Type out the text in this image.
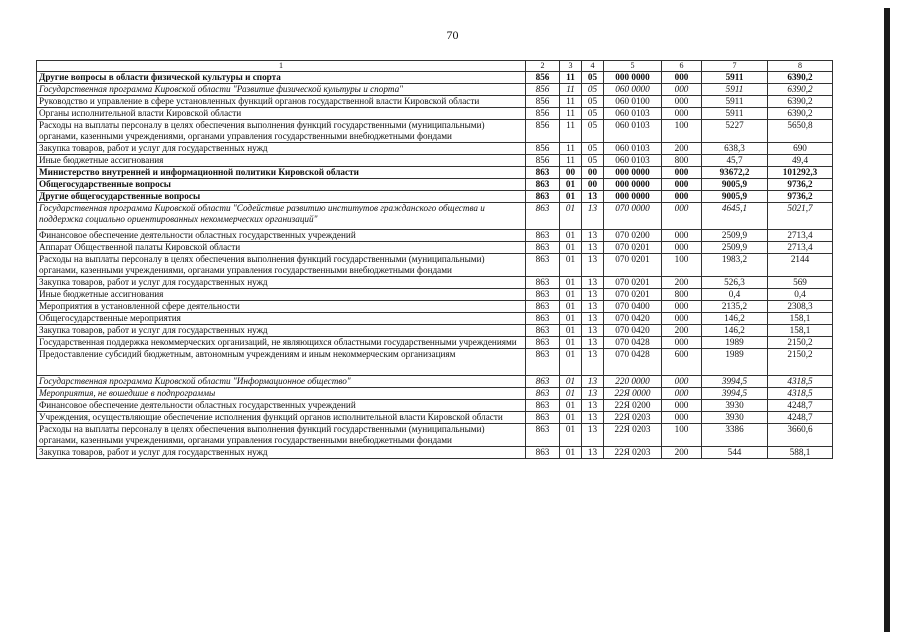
70
1	2	3	4	5	6	7	8
Другие вопросы в области физической культуры и спорта	856	11	05	000 0000	000	5911	6390,2
Государственная программа Кировской области "Развитие физической культуры и спорта"	856	11	05	060 0000	000	5911	6390,2
Руководство и управление в сфере установленных функций органов государственной власти Кировской области	856	11	05	060 0100	000	5911	6390,2
Органы исполнительной власти Кировской области	856	11	05	060 0103	000	5911	6390,2
Расходы на выплаты персоналу в целях обеспечения выполнения функций государственными (муниципальными) органами, казенными учреждениями, органами управления государственными внебюджетными фондами	856	11	05	060 0103	100	5227	5650,8
Закупка товаров, работ и услуг для государственных нужд	856	11	05	060 0103	200	638,3	690
Иные бюджетные ассигнования	856	11	05	060 0103	800	45,7	49,4
Министерство внутренней и информационной политики Кировской области	863	00	00	000 0000	000	93672,2	101292,3
Общегосударственные вопросы	863	01	00	000 0000	000	9005,9	9736,2
Другие общегосударственные вопросы	863	01	13	000 0000	000	9005,9	9736,2
Государственная программа Кировской области "Содействие развитию институтов гражданского общества и поддержка социально ориентированных некоммерческих организаций"	863	01	13	070 0000	000	4645,1	5021,7
Финансовое обеспечение деятельности областных государственных учреждений	863	01	13	070 0200	000	2509,9	2713,4
Аппарат Общественной палаты Кировской области	863	01	13	070 0201	000	2509,9	2713,4
Расходы на выплаты персоналу в целях обеспечения выполнения функций государственными (муниципальными) органами, казенными учреждениями, органами управления государственными внебюджетными фондами	863	01	13	070 0201	100	1983,2	2144
Закупка товаров, работ и услуг для государственных нужд	863	01	13	070 0201	200	526,3	569
Иные бюджетные ассигнования	863	01	13	070 0201	800	0,4	0,4
Мероприятия в установленной сфере деятельности	863	01	13	070 0400	000	2135,2	2308,3
Общегосударственные мероприятия	863	01	13	070 0420	000	146,2	158,1
Закупка товаров, работ и услуг для государственных нужд	863	01	13	070 0420	200	146,2	158,1
Государственная поддержка некоммерческих организаций, не являющихся областными государственными учреждениями	863	01	13	070 0428	000	1989	2150,2
Предоставление субсидий бюджетным, автономным учреждениям и иным некоммерческим организациям	863	01	13	070 0428	600	1989	2150,2
Государственная программа Кировской области "Информационное общество"	863	01	13	220 0000	000	3994,5	4318,5
Мероприятия, не вошедшие в подпрограммы	863	01	13	22Я 0000	000	3994,5	4318,5
Финансовое обеспечение деятельности областных государственных учреждений	863	01	13	22Я 0200	000	3930	4248,7
Учреждения, осуществляющие обеспечение исполнения функций органов исполнительной власти Кировской области	863	01	13	22Я 0203	000	3930	4248,7
Расходы на выплаты персоналу в целях обеспечения выполнения функций государственными (муниципальными) органами, казенными учреждениями, органами управления государственными внебюджетными фондами	863	01	13	22Я 0203	100	3386	3660,6
Закупка товаров, работ и услуг для государственных нужд	863	01	13	22Я 0203	200	544	588,1
